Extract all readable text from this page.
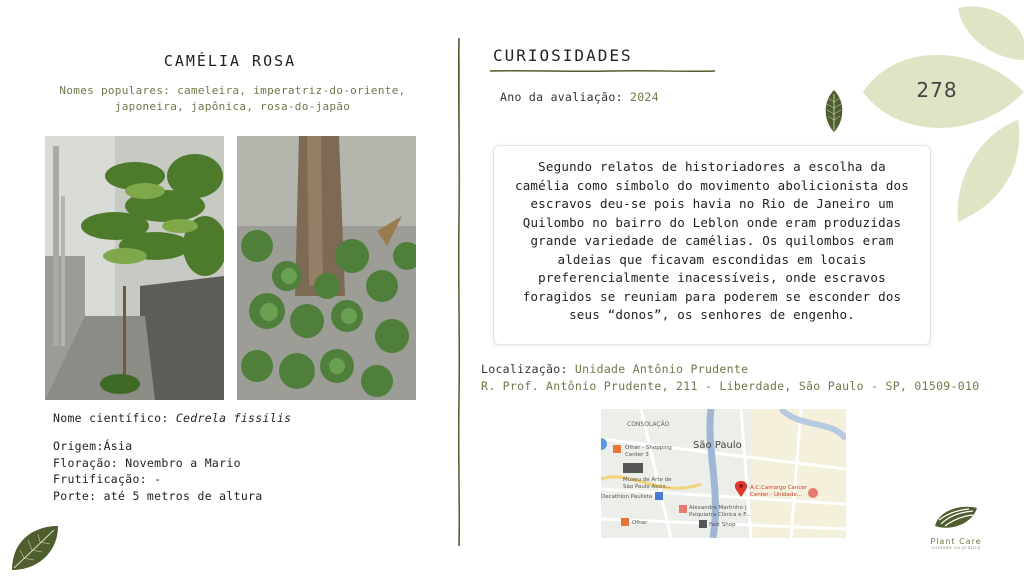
CAMÉLIA ROSA
Nomes populares: cameleira, imperatriz-do-oriente, japoneira, japônica, rosa-do-japão
Nome científico: Cedrela fissilis
Origem:Ásia
Floração: Novembro a Mario
Frutificação: -
Porte: até 5 metros de altura
CURIOSIDADES
Ano da avaliação: 2024
Segundo relatos de historiadores a escolha da camélia como símbolo do movimento abolicionista dos escravos deu-se pois havia no Rio de Janeiro um Quilombo no bairro do Leblon onde eram produzidas grande variedade de camélias. Os quilombos eram aldeias que ficavam escondidas em locais preferencialmente inacessíveis, onde escravos foragidos se reuniam para poderem se esconder dos seus “donos”, os senhores de engenho.
Localização: Unidade Antônio Prudente
R. Prof. Antônio Prudente, 211 - Liberdade, São Paulo - SP, 01509-010
CONSOLAÇÃO
São Paulo
Ofner - Shopping
Center 3
Museu de Arte de
São Paulo Assis...
Decathlon Paulista
A.C.Camargo Cancer
Center - Unidade...
Alexandre Martinho |
Psiquiatra Clínica e F...
Fast Shop
Ofner
278
Plant Care
cuidado na prática
